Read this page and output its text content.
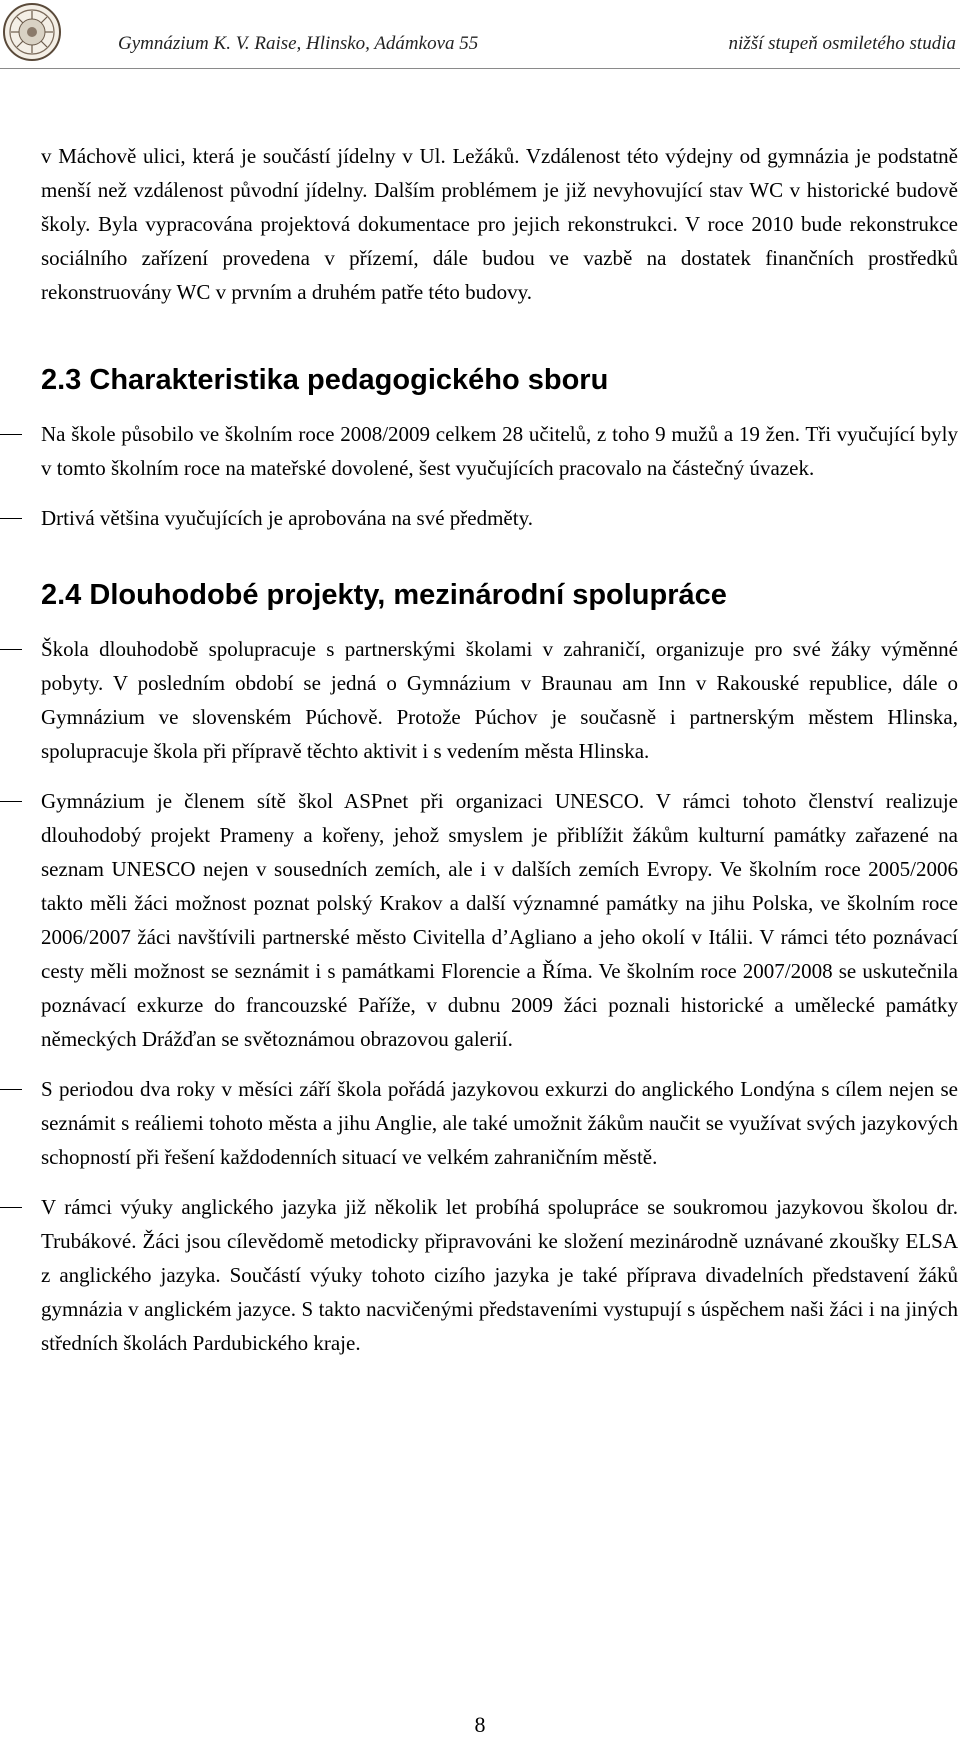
Gymnázium K. V. Raise, Hlinsko, Adámkova 55	nižší stupeň osmiletého studia

v Máchově ulici, která je součástí jídelny v Ul. Ležáků. Vzdálenost této výdejny od gymnázia je podstatně menší než vzdálenost původní jídelny. Dalším problémem je již nevyhovující stav WC v historické budově školy. Byla vypracována projektová dokumentace pro jejich rekonstrukci. V roce 2010 bude rekonstrukce sociálního zařízení provedena v přízemí, dále budou ve vazbě na dostatek finančních prostředků rekonstruovány WC v prvním a druhém patře této budovy.

2.3 Charakteristika pedagogického sboru
Na škole působilo ve školním roce 2008/2009 celkem 28 učitelů, z toho 9 mužů a 19 žen. Tři vyučující byly v tomto školním roce na mateřské dovolené, šest vyučujících pracovalo na částečný úvazek.
Drtivá většina vyučujících je aprobována na své předměty.
2.4 Dlouhodobé projekty, mezinárodní spolupráce
Škola dlouhodobě spolupracuje s partnerskými školami v zahraničí, organizuje pro své žáky výměnné pobyty. V posledním období se jedná o Gymnázium v Braunau am Inn v Rakouské republice, dále o Gymnázium ve slovenském Púchově. Protože Púchov je současně i partnerským městem Hlinska, spolupracuje škola při přípravě těchto aktivit i s vedením města Hlinska.
Gymnázium je členem sítě škol ASPnet při organizaci UNESCO. V rámci tohoto členství realizuje dlouhodobý projekt Prameny a kořeny, jehož smyslem je přiblížit žákům kulturní památky zařazené na seznam UNESCO nejen v sousedních zemích, ale i v dalších zemích Evropy. Ve školním roce 2005/2006 takto měli žáci možnost poznat polský Krakov a další významné památky na jihu Polska, ve školním roce 2006/2007 žáci navštívili partnerské město Civitella d’Agliano a jeho okolí v Itálii. V rámci této poznávací cesty měli možnost se seznámit i s památkami Florencie a Říma. Ve školním roce 2007/2008 se uskutečnila poznávací exkurze do francouzské Paříže, v dubnu 2009 žáci poznali historické a umělecké památky německých Drážďan se světoznámou obrazovou galerií.
S periodou dva roky v měsíci září škola pořádá jazykovou exkurzi do anglického Londýna s cílem nejen se seznámit s reáliemi tohoto města a jihu Anglie, ale také umožnit žákům naučit se využívat svých jazykových schopností při řešení každodenních situací ve velkém zahraničním městě.
V rámci výuky anglického jazyka již několik let probíhá spolupráce se soukromou jazykovou školou dr. Trubákové. Žáci jsou cílevědomě metodicky připravováni ke složení mezinárodně uznávané zkoušky ELSA z anglického jazyka. Součástí výuky tohoto cizího jazyka je také příprava divadelních představení žáků gymnázia v anglickém jazyce. S takto nacvičenými představeními vystupují s úspěchem naši žáci i na jiných středních školách Pardubického kraje.
8
